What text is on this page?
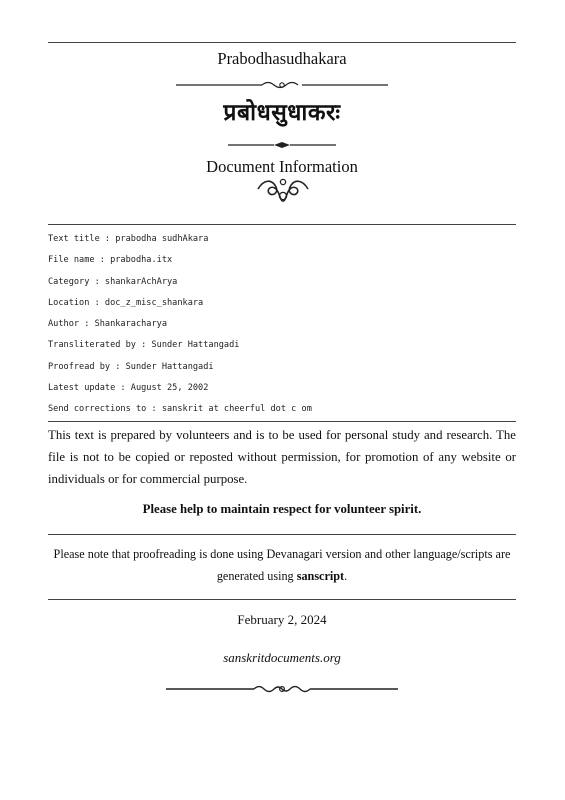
Prabodhasudhakara
प्रबोधसुधाकरः
Document Information
Text title : prabodha sudhAkara
File name : prabodha.itx
Category : shankarAchArya
Location : doc_z_misc_shankara
Author : Shankaracharya
Transliterated by : Sunder Hattangadi
Proofread by : Sunder Hattangadi
Latest update : August 25, 2002
Send corrections to : sanskrit at cheerful dot c om
This text is prepared by volunteers and is to be used for personal study and research. The file is not to be copied or reposted without permission, for promotion of any website or individuals or for commercial purpose.
Please help to maintain respect for volunteer spirit.
Please note that proofreading is done using Devanagari version and other language/scripts are generated using sanscript.
February 2, 2024
sanskritdocuments.org
